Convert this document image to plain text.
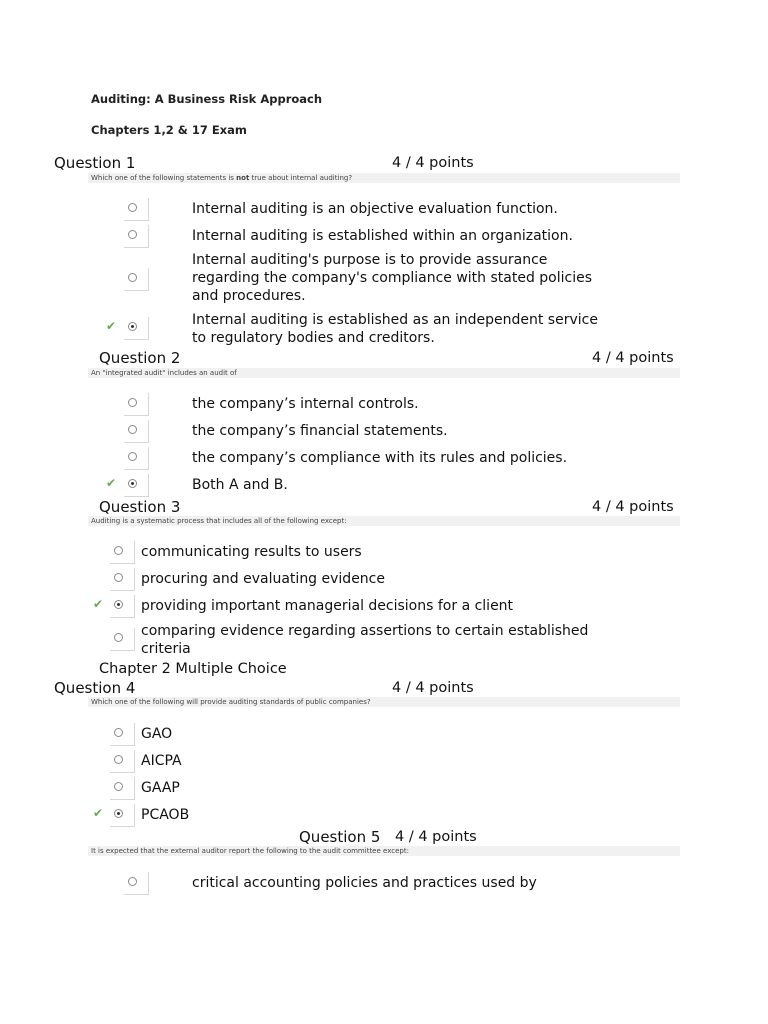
Auditing: A Business Risk Approach
Chapters 1,2 & 17 Exam
Question 1	4 / 4 points
Which one of the following statements is not true about internal auditing?
Internal auditing is an objective evaluation function.
Internal auditing is established within an organization.
Internal auditing's purpose is to provide assurance
regarding the company's compliance with stated policies
and procedures.
✔	Internal auditing is established as an independent service
to regulatory bodies and creditors.
Question 2	4 / 4 points
An "integrated audit" includes an audit of
the company’s internal controls.
the company’s financial statements.
the company’s compliance with its rules and policies.
✔	Both A and B.
Question 3	4 / 4 points
Auditing is a systematic process that includes all of the following except:
communicating results to users
procuring and evaluating evidence
✔	providing important managerial decisions for a client
comparing evidence regarding assertions to certain established
criteria
Chapter 2 Multiple Choice
Question 4	4 / 4 points
Which one of the following will provide auditing standards of public companies?
GAO
AICPA
GAAP
✔	PCAOB
Question 5 4 / 4 points
It is expected that the external auditor report the following to the audit committee except:
critical accounting policies and practices used by
